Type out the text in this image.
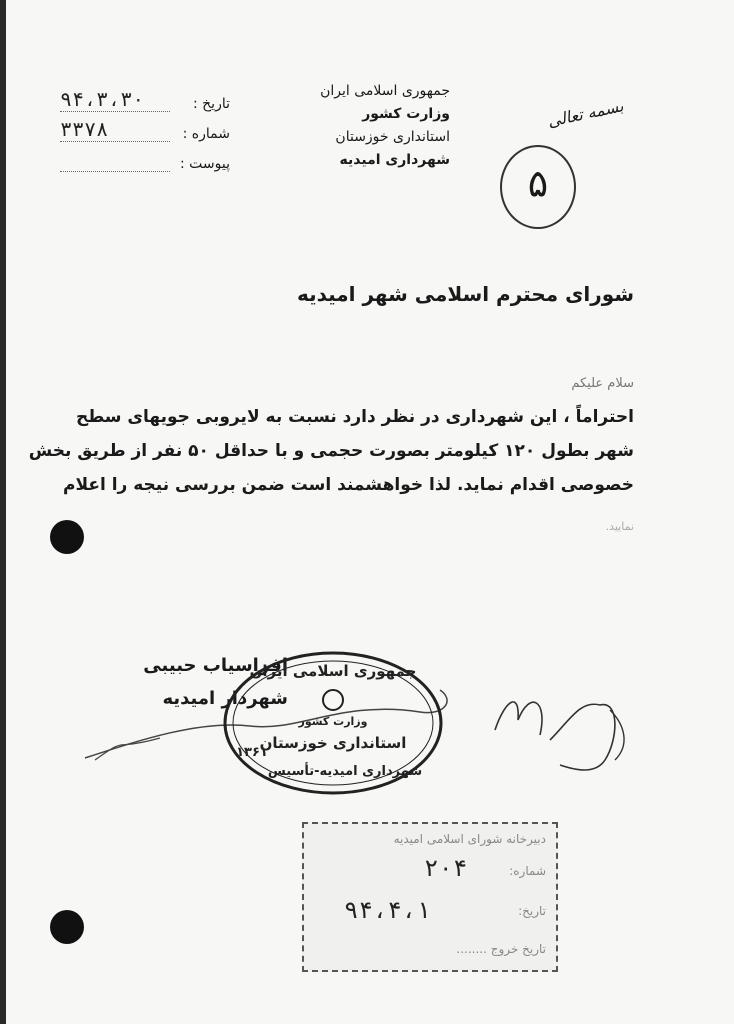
جمهوری اسلامی ایران
وزارت کشور
استانداری خوزستان
شهرداری امیدیه
۹۴،۳،۳۰	تاریخ :
۳۳۷۸	شماره :
پیوست :
بسمه تعالی
۵
شورای محترم اسلامی شهر امیدیه
سلام علیکم
احتراماً ، این شهرداری در نظر دارد نسبت به لایروبی جویهای سطح
شهر بطول ۱۲۰ کیلومتر بصورت حجمی و با حداقل ۵۰ نفر از طریق بخش
خصوصی اقدام نماید. لذا خواهشمند است ضمن بررسی نیجه را اعلام
نمایید.
افراسیاب حبیبی
شهردار امیدیه
جمهوری اسلامی ایران
وزارت کشور
استانداری خوزستان
شهرداری امیدیه-تأسیس
۱۳۶۱
دبیرخانه شورای اسلامی امیدیه
شماره:
۲۰۴
تاریخ:
۹۴،۴،۱
تاریخ خروج ........
